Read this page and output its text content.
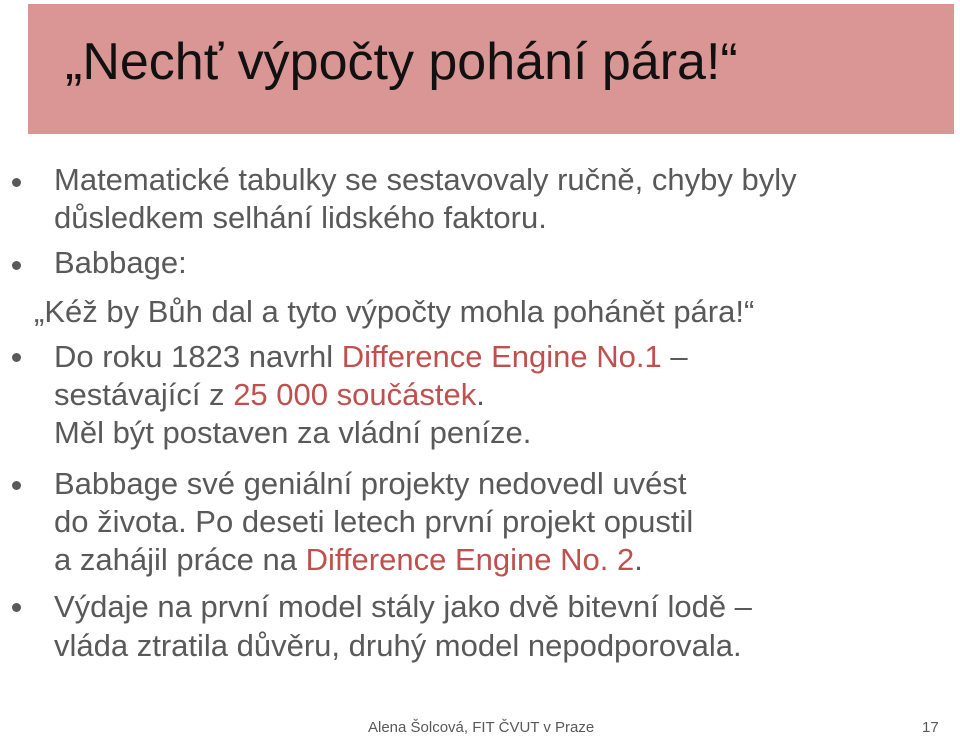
„Nechť výpočty pohání pára!“
Matematické tabulky se sestavovaly ručně, chyby byly
důsledkem selhání lidského faktoru.
Babbage:
„Kéž by Bůh dal a tyto výpočty mohla pohánět pára!“
Do roku 1823 navrhl Difference Engine No.1 –
sestávající z 25 000 součástek.
Měl být postaven za vládní peníze.
Babbage své geniální projekty nedovedl uvést
do života. Po deseti letech první projekt opustil
a zahájil práce na Difference Engine No. 2.
Výdaje na první model stály jako dvě bitevní lodě –
vláda ztratila důvěru, druhý model nepodporovala.
Alena Šolcová, FIT ČVUT v Praze	17
